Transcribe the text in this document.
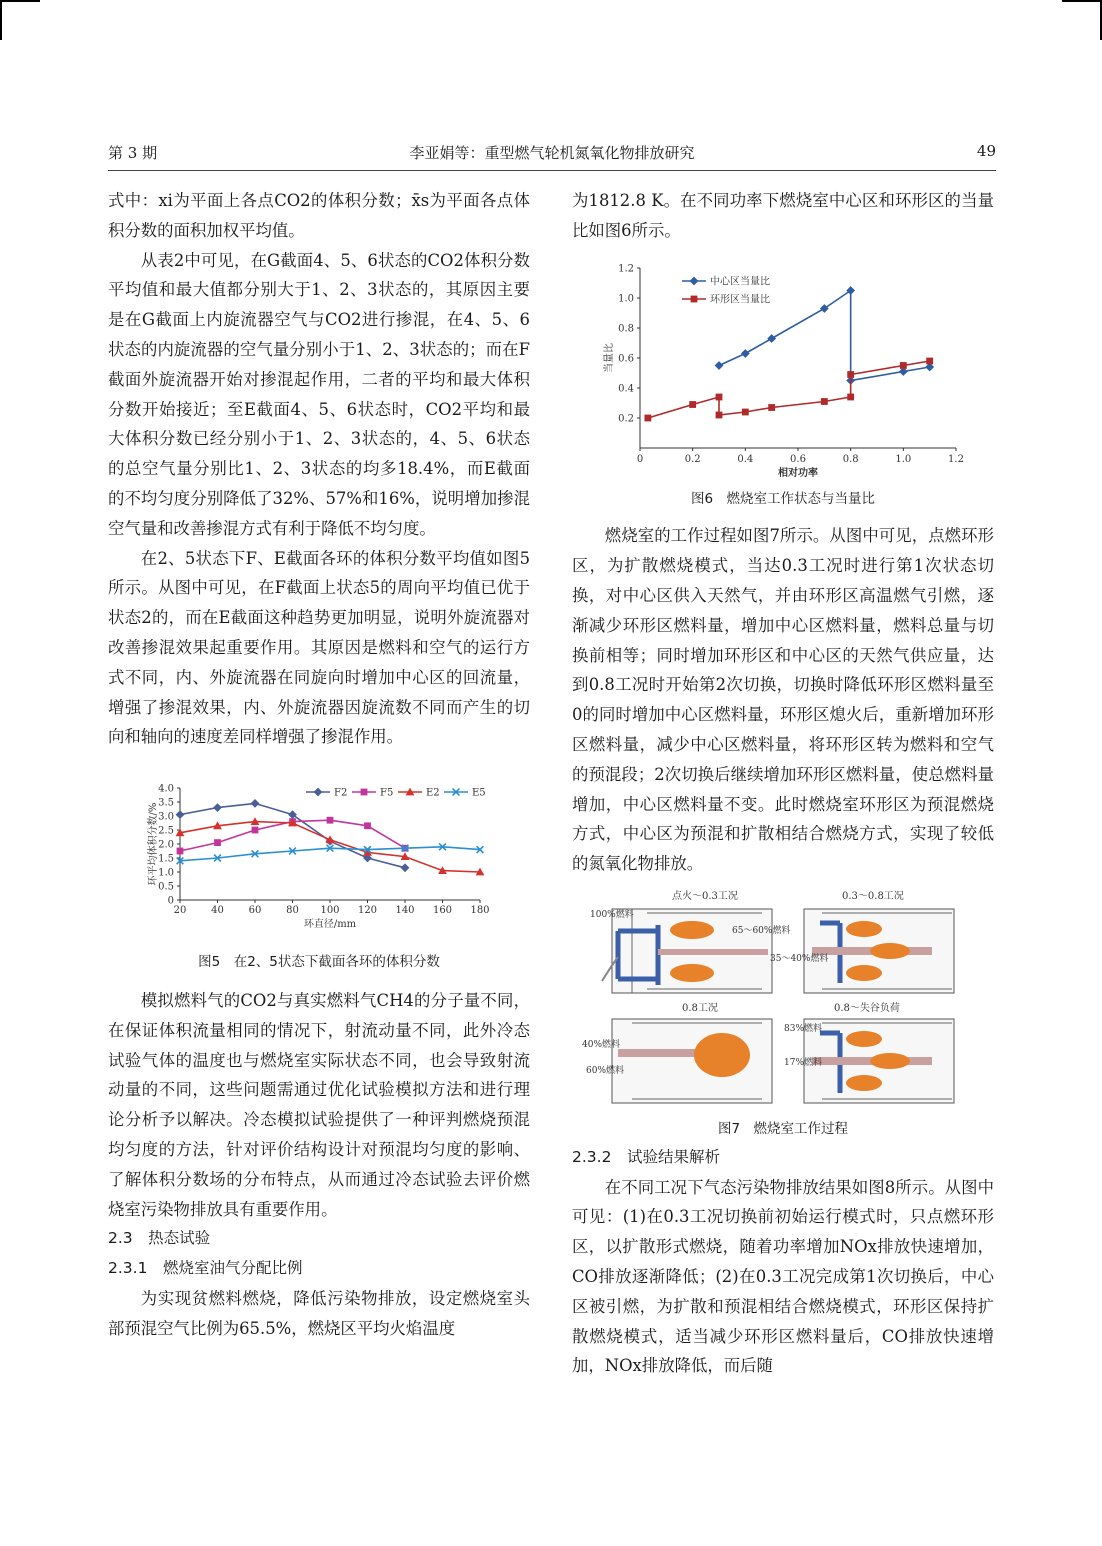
第 3 期	李亚娟等：重型燃气轮机氮氧化物排放研究	49

式中：xi为平面上各点CO2的体积分数；x̄s为平面各点体积分数的面积加权平均值。

从表2中可见，在G截面4、5、6状态的CO2体积分数平均值和最大值都分别大于1、2、3状态的，其原因主要是在G截面上内旋流器空气与CO2进行掺混，在4、5、6状态的内旋流器的空气量分别小于1、2、3状态的；而在F截面外旋流器开始对掺混起作用，二者的平均和最大体积分数开始接近；至E截面4、5、6状态时，CO2平均和最大体积分数已经分别小于1、2、3状态的，4、5、6状态的总空气量分别比1、2、3状态的均多18.4%，而E截面的不均匀度分别降低了32%、57%和16%，说明增加掺混空气量和改善掺混方式有利于降低不均匀度。

在2、5状态下F、E截面各环的体积分数平均值如图5所示。从图中可见，在F截面上状态5的周向平均值已优于状态2的，而在E截面这种趋势更加明显，说明外旋流器对改善掺混效果起重要作用。其原因是燃料和空气的运行方式不同，内、外旋流器在同旋向时增加中心区的回流量，增强了掺混效果，内、外旋流器因旋流数不同而产生的切向和轴向的速度差同样增强了掺混作用。

0
0.5
1.0
1.5
2.0
2.5
3.0
3.5
4.0
20 40 60 80 100 120 140 160 180
环直径/mm
环平均体积分数/%
F2	F5	E2	E5
图5　在2、5状态下截面各环的体积分数

模拟燃料气的CO2与真实燃料气CH4的分子量不同，在保证体积流量相同的情况下，射流动量不同，此外冷态试验气体的温度也与燃烧室实际状态不同，也会导致射流动量的不同，这些问题需通过优化试验模拟方法和进行理论分析予以解决。冷态模拟试验提供了一种评判燃烧预混均匀度的方法，针对评价结构设计对预混均匀度的影响、了解体积分数场的分布特点，从而通过冷态试验去评价燃烧室污染物排放具有重要作用。

2.3　热态试验

2.3.1　燃烧室油气分配比例

为实现贫燃料燃烧，降低污染物排放，设定燃烧室头部预混空气比例为65.5%，燃烧区平均火焰温度

为1812.8 K。在不同功率下燃烧室中心区和环形区的当量比如图6所示。

0.2
0.4
0.6
0.8
1.0
1.2
0	0.2	0.4	0.6	0.8	1.0	1.2
相对功率
当量比
中心区当量比
环形区当量比
图6　燃烧室工作状态与当量比

燃烧室的工作过程如图7所示。从图中可见，点燃环形区，为扩散燃烧模式，当达0.3工况时进行第1次状态切换，对中心区供入天然气，并由环形区高温燃气引燃，逐渐减少环形区燃料量，增加中心区燃料量，燃料总量与切换前相等；同时增加环形区和中心区的天然气供应量，达到0.8工况时开始第2次切换，切换时降低环形区燃料量至0的同时增加中心区燃料量，环形区熄火后，重新增加环形区燃料量，减少中心区燃料量，将环形区转为燃料和空气的预混段；2次切换后继续增加环形区燃料量，使总燃料量增加，中心区燃料量不变。此时燃烧室环形区为预混燃烧方式，中心区为预混和扩散相结合燃烧方式，实现了较低的氮氧化物排放。

点火～0.3工况
100%燃料
65～60%燃料
0.3～0.8工况
35～40%燃料
0.8工况
40%燃料
60%燃料
0.8～失谷负荷
83%燃料
17%燃料
图7　燃烧室工作过程

2.3.2　试验结果解析

在不同工况下气态污染物排放结果如图8所示。从图中可见：(1)在0.3工况切换前初始运行模式时，只点燃环形区，以扩散形式燃烧，随着功率增加NOx排放快速增加，CO排放逐渐降低；(2)在0.3工况完成第1次切换后，中心区被引燃，为扩散和预混相结合燃烧模式，环形区保持扩散燃烧模式，适当减少环形区燃料量后，CO排放快速增加，NOx排放降低，而后随
